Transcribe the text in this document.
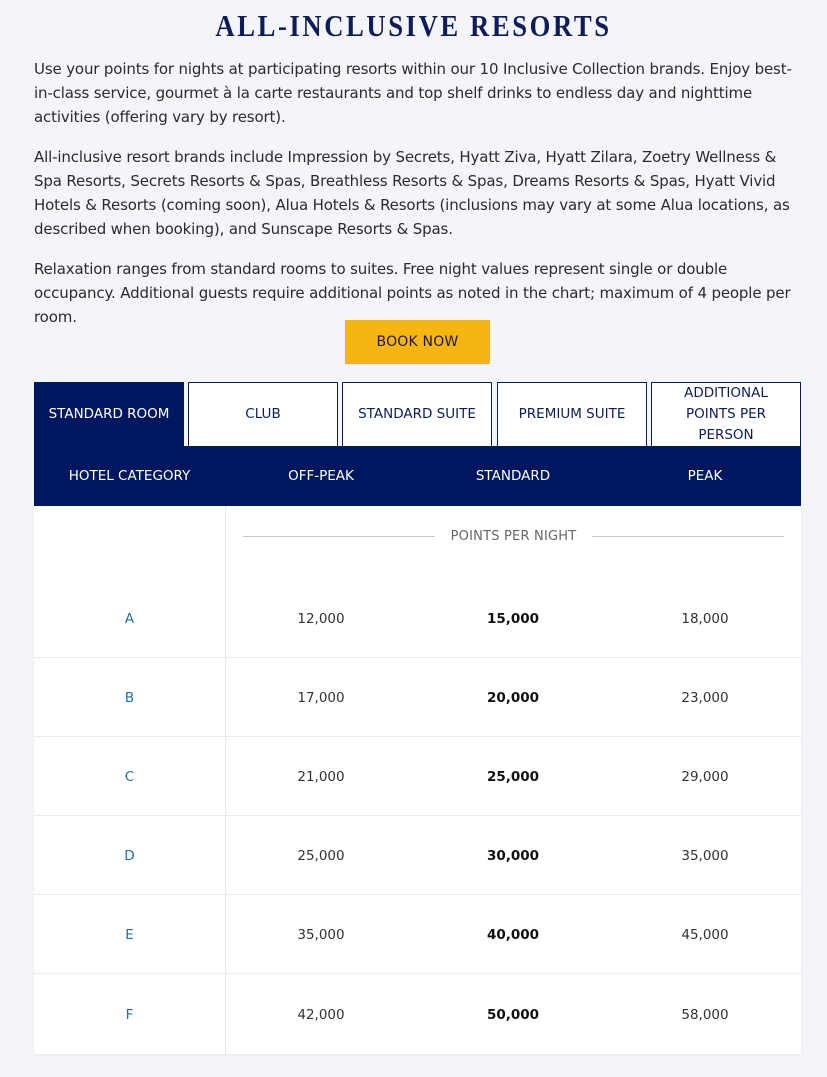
ALL-INCLUSIVE RESORTS

Use your points for nights at participating resorts within our 10 Inclusive Collection brands. Enjoy best-in-class service, gourmet à la carte restaurants and top shelf drinks to endless day and nighttime activities (offering vary by resort).

All-inclusive resort brands include Impression by Secrets, Hyatt Ziva, Hyatt Zilara, Zoetry Wellness & Spa Resorts, Secrets Resorts & Spas, Breathless Resorts & Spas, Dreams Resorts & Spas, Hyatt Vivid Hotels & Resorts (coming soon), Alua Hotels & Resorts (inclusions may vary at some Alua locations, as described when booking), and Sunscape Resorts & Spas.

Relaxation ranges from standard rooms to suites. Free night values represent single or double occupancy. Additional guests require additional points as noted in the chart; maximum of 4 people per room.

BOOK NOW
STANDARD ROOM	CLUB	STANDARD SUITE	PREMIUM SUITE
ADDITIONAL POINTS PER PERSON
HOTEL CATEGORY	OFF-PEAK	STANDARD	PEAK
POINTS PER NIGHT
A	12,000	15,000	18,000
B	17,000	20,000	23,000
C	21,000	25,000	29,000
D	25,000	30,000	35,000
E	35,000	40,000	45,000
F	42,000	50,000	58,000
